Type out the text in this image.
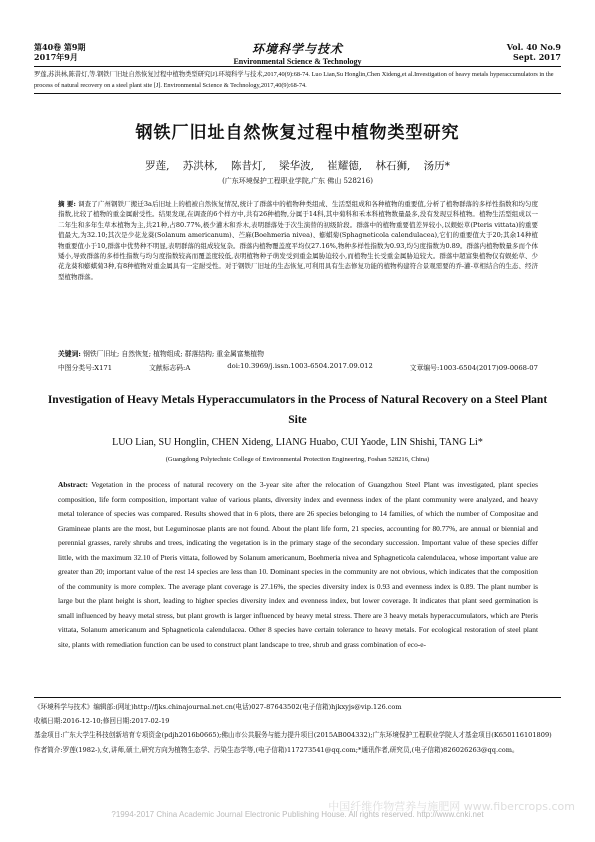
第40卷 第9期
2017年9月
环境科学与技术
Environmental Science & Technology
Vol. 40 No.9
Sept. 2017
罗莲,苏洪林,陈昔灯,等.钢铁厂旧址自然恢复过程中植物类型研究[J].环境科学与技术,2017,40(9):68-74. Luo Lian,Su Honglin,Chen Xideng,et al.Investigation of heavy metals hyperaccumulators in the process of natural recovery on a steel plant site [J]. Environmental Science & Technology,2017,40(9):68-74.
钢铁厂旧址自然恢复过程中植物类型研究
罗莲, 苏洪林, 陈昔灯, 梁华波, 崔耀德, 林石狮, 汤历*
(广东环境保护工程职业学院,广东 佛山 528216)
摘 要: 调查了广州钢铁厂搬迁3a后旧址上的植被自然恢复情况,统计了群落中的植物种类组成、生活型组成和各种植物的重要值,分析了植物群落的多样性指数和均匀度指数,比较了植物的重金属耐受性。结果发现,在调查的6个样方中,共有26种植物,分属于14科,其中菊科和禾本科植物数量最多,没有发现豆科植物。植物生活型组成以一二年生和多年生草本植物为主,共21种,占80.77%,极少灌木和乔木,表明群落处于次生演替的初级阶段。群落中的植物重要值差异较小,以蜈蚣草(Pteris vittata)的重要值最大,为32.10;其次是少花龙葵(Solanum americanum)、苎麻(Boehmeria nivea)、蟛蜞菊(Sphagneticola calendulacea),它们的重要值大于20;其余14种植物重要值小于10,群落中优势种不明显,表明群落的组成较复杂。群落内植物覆盖度平均仅27.16%,物种多样性指数为0.93,均匀度指数为0.89。群落内植物数量多而个体矮小,导致群落的多样性指数与均匀度指数较高而覆盖度较低,表明植物种子萌发受到重金属胁迫较小,而植物生长受重金属胁迫较大。群落中超富集植物仅有蜈蚣草、少花龙葵和蟛蜞菊3种,有8种植物对重金属具有一定耐受性。对于钢铁厂旧址的生态恢复,可利用具有生态修复功能的植物构建符合景观需要的乔-灌-草相结合的生态、经济型植物群落。
关键词: 钢铁厂旧址; 自然恢复; 植物组成; 群落结构; 重金属富集植物
中图分类号:X171	文献标志码:A	doi:10.3969/j.issn.1003-6504.2017.09.012	文章编号:1003-6504(2017)09-0068-07
Investigation of Heavy Metals Hyperaccumulators in the Process of Natural Recovery on a Steel Plant Site
LUO Lian, SU Honglin, CHEN Xideng, LIANG Huabo, CUI Yaode, LIN Shishi, TANG Li*
(Guangdong Polytechnic College of Environmental Protection Engineering, Foshan 528216, China)
Abstract: Vegetation in the process of natural recovery on the 3-year site after the relocation of Guangzhou Steel Plant was investigated, plant species composition, life form composition, important value of various plants, diversity index and evenness index of the plant community were analyzed, and heavy metal tolerance of species was compared. Results showed that in 6 plots, there are 26 species belonging to 14 families, of which the number of Compositae and Gramineae plants are the most, but Leguminosae plants are not found. About the plant life form, 21 species, accounting for 80.77%, are annual or biennial and perennial grasses, rarely shrubs and trees, indicating the vegetation is in the primary stage of the secondary succession. Important value of these species differ little, with the maximum 32.10 of Pteris vittata, followed by Solanum americanum, Boehmeria nivea and Sphagneticola calendulacea, whose important value are greater than 20; important value of the rest 14 species are less than 10. Dominant species in the community are not obvious, which indicates that the composition of the community is more complex. The average plant coverage is 27.16%, the species diversity index is 0.93 and evenness index is 0.89. The plant number is large but the plant height is short, leading to higher species diversity index and evenness index, but lower coverage. It indicates that plant seed germination is small influenced by heavy metal stress, but plant growth is larger influenced by heavy metal stress. There are 3 heavy metals hyperaccumulators, which are Pteris vittata, Solanum americanum and Sphagneticola calendulacea. Other 8 species have certain tolerance to heavy metals. For ecological restoration of steel plant site, plants with remediation function can be used to construct plant landscape to tree, shrub and grass combination of eco-e-
《环境科学与技术》编辑部:(网址)http://fjks.chinajournal.net.cn(电话)027-87643502(电子信箱)hjkxyjs@vip.126.com
收稿日期:2016-12-10;修回日期:2017-02-19
基金项目:广东大学生科技创新培育专项资金(pdjh2016b0665);佛山市公共服务与能力提升项目(2015AB004332);广东环境保护工程职业学院人才基金项目(K650116101809)
作者简介:罗莲(1982-),女,讲师,硕士,研究方向为植物生态学、污染生态学等,(电子信箱)117273541@qq.com;*通讯作者,研究员,(电子信箱)826026263@qq.com。
?1994-2017 China Academic Journal Electronic Publishing House. All rights reserved. http://www.cnki.net
中国纤维作物营养与施肥网 www.fibercrops.com
